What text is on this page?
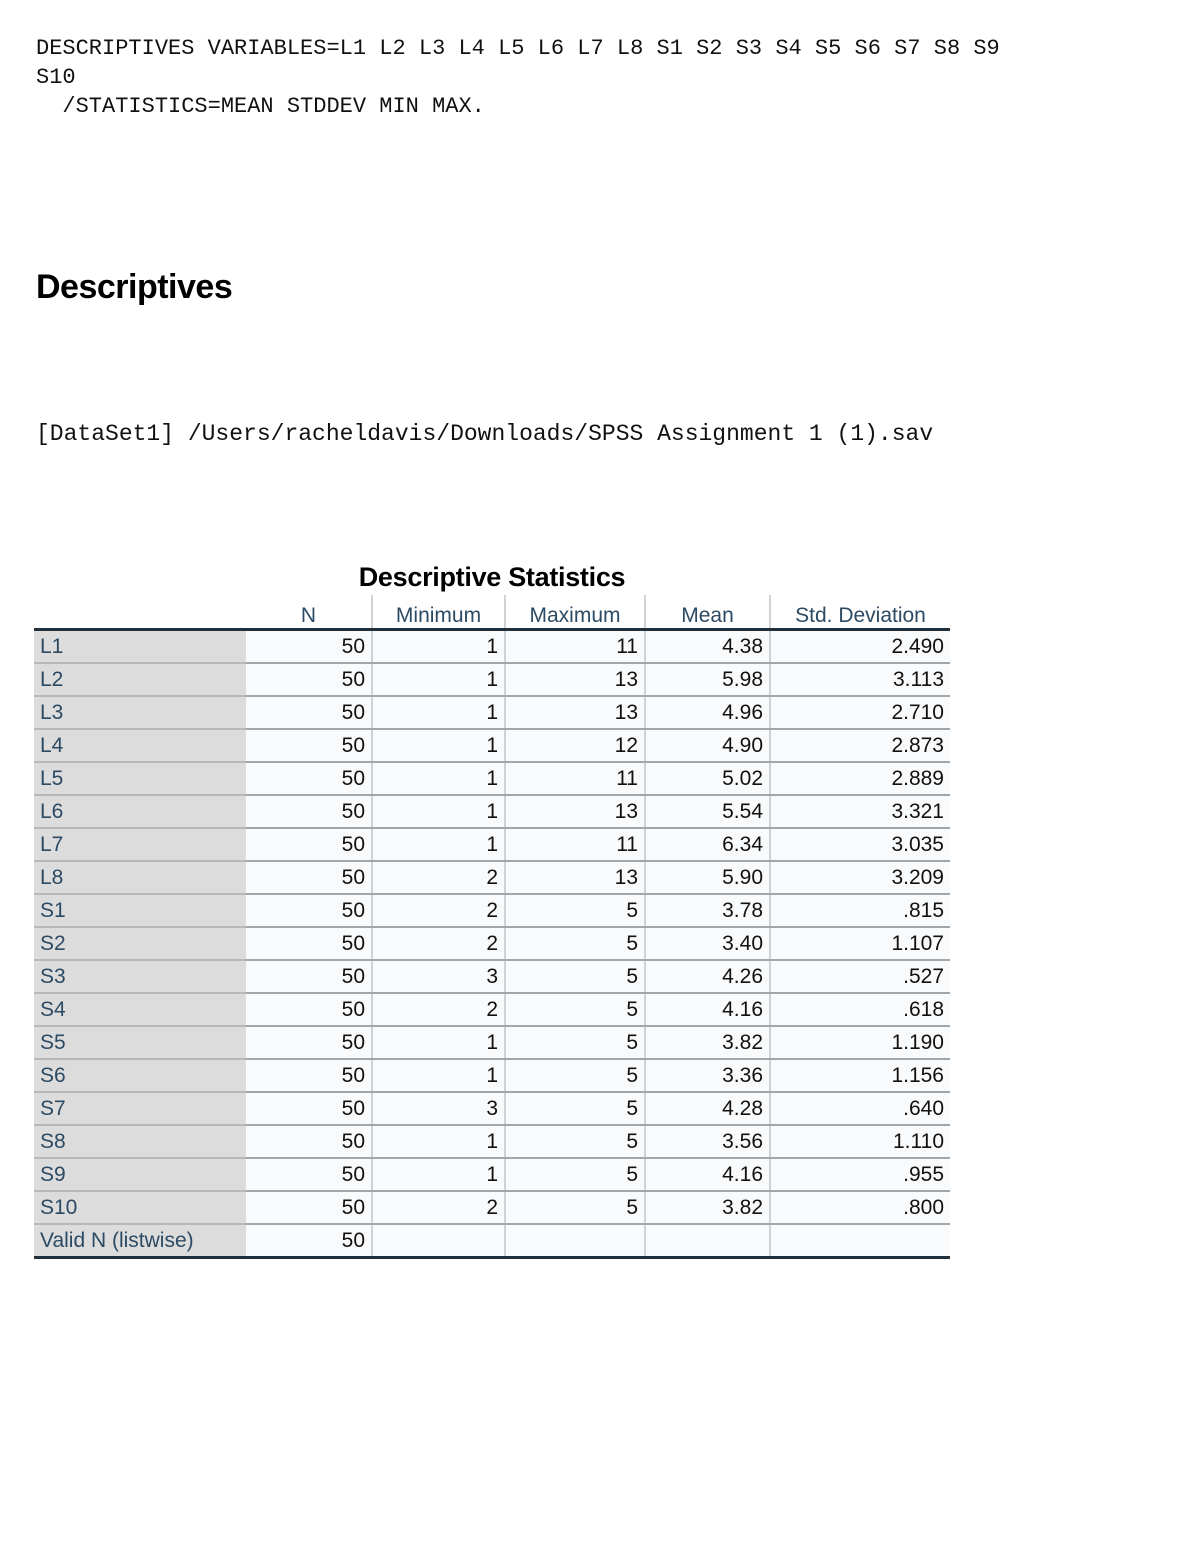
DESCRIPTIVES VARIABLES=L1 L2 L3 L4 L5 L6 L7 L8 S1 S2 S3 S4 S5 S6 S7 S8 S9
S10
/STATISTICS=MEAN STDDEV MIN MAX.
Descriptives
[DataSet1] /Users/racheldavis/Downloads/SPSS Assignment 1 (1).sav
Descriptive Statistics
	N	Minimum	Maximum	Mean	Std. Deviation
L1	50	1	11	4.38	2.490
L2	50	1	13	5.98	3.113
L3	50	1	13	4.96	2.710
L4	50	1	12	4.90	2.873
L5	50	1	11	5.02	2.889
L6	50	1	13	5.54	3.321
L7	50	1	11	6.34	3.035
L8	50	2	13	5.90	3.209
S1	50	2	5	3.78	.815
S2	50	2	5	3.40	1.107
S3	50	3	5	4.26	.527
S4	50	2	5	4.16	.618
S5	50	1	5	3.82	1.190
S6	50	1	5	3.36	1.156
S7	50	3	5	4.28	.640
S8	50	1	5	3.56	1.110
S9	50	1	5	4.16	.955
S10	50	2	5	3.82	.800
Valid N (listwise)	50				
